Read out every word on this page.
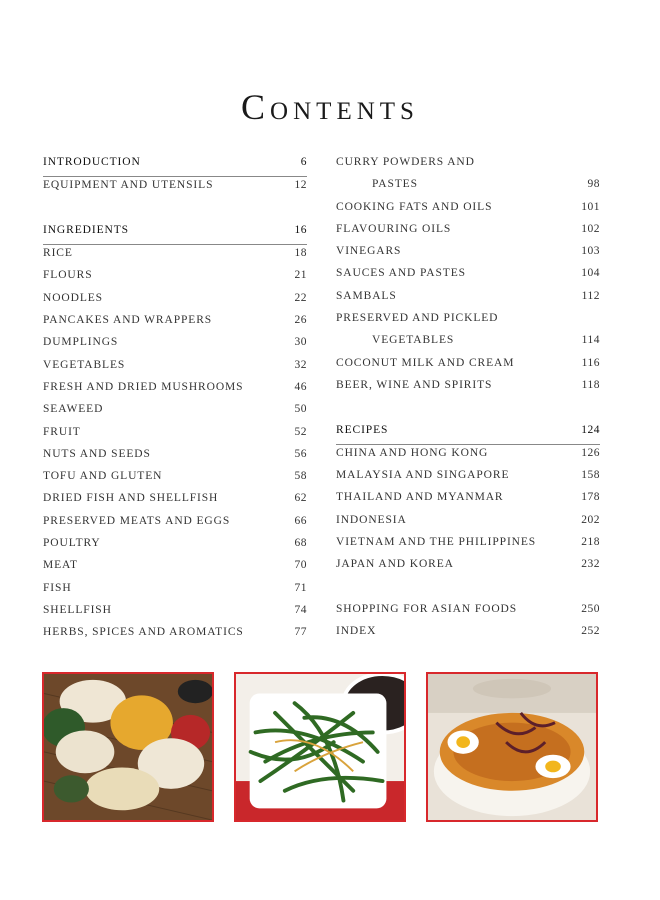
Contents
INTRODUCTION	6
EQUIPMENT AND UTENSILS	12
INGREDIENTS	16
RICE	18
FLOURS	21
NOODLES	22
PANCAKES AND WRAPPERS	26
DUMPLINGS	30
VEGETABLES	32
FRESH AND DRIED MUSHROOMS	46
SEAWEED	50
FRUIT	52
NUTS AND SEEDS	56
TOFU AND GLUTEN	58
DRIED FISH AND SHELLFISH	62
PRESERVED MEATS AND EGGS	66
POULTRY	68
MEAT	70
FISH	71
SHELLFISH	74
HERBS, SPICES AND AROMATICS	77
CURRY POWDERS AND
PASTES	98
COOKING FATS AND OILS	101
FLAVOURING OILS	102
VINEGARS	103
SAUCES AND PASTES	104
SAMBALS	112
PRESERVED AND PICKLED
VEGETABLES	114
COCONUT MILK AND CREAM	116
BEER, WINE AND SPIRITS	118
RECIPES	124
CHINA AND HONG KONG	126
MALAYSIA AND SINGAPORE	158
THAILAND AND MYANMAR	178
INDONESIA	202
VIETNAM AND THE PHILIPPINES	218
JAPAN AND KOREA	232
SHOPPING FOR ASIAN FOODS	250
INDEX	252
